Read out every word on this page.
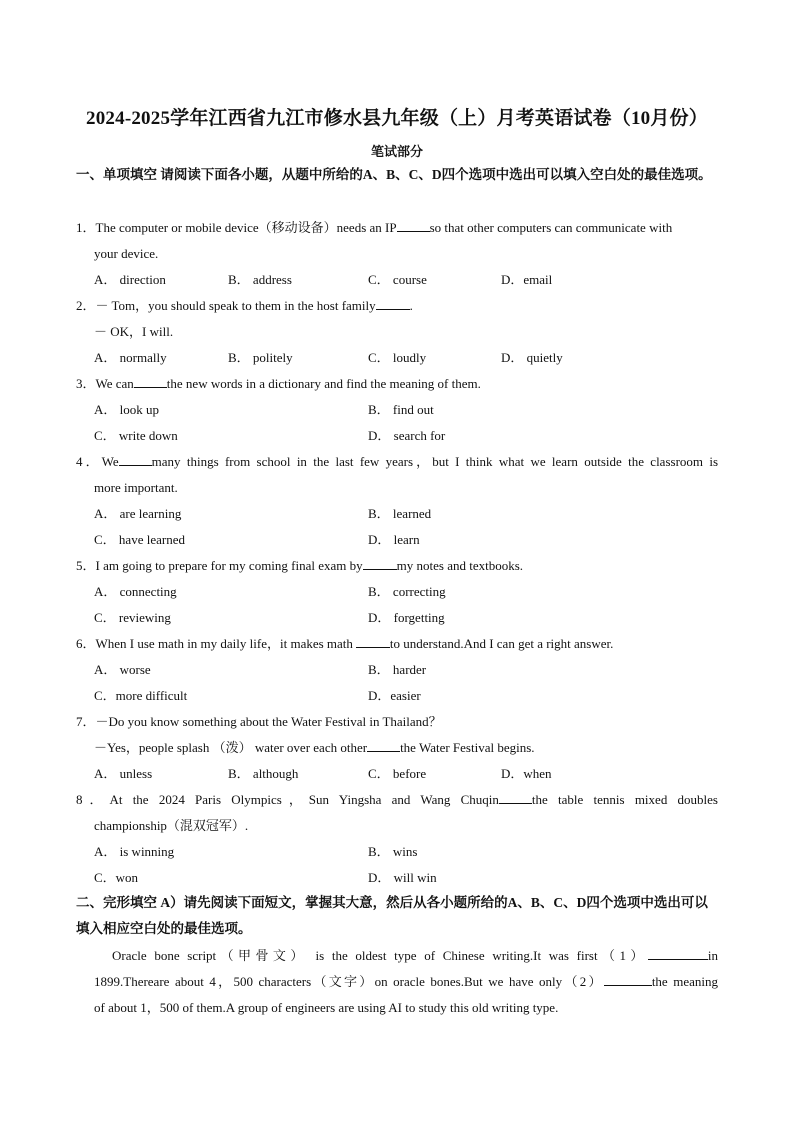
2024-2025学年江西省九江市修水县九年级（上）月考英语试卷（10月份）
笔试部分
一、单项填空 请阅读下面各小题，从题中所给的A、B、C、D四个选项中选出可以填入空白处的最佳选项。
1．The computer or mobile device（移动设备）needs an IP	so that other computers can communicate with
your device.
A． direction	B． address	C． course	D．email
2．－ Tom，you should speak to them in the host family	.
－ OK，I will.
A． normally	B． politely	C． loudly	D． quietly
3．We can	the new words in a dictionary and find the meaning of them.
A． look up	B． find out
C． write down	D． search for
4．We	many things from school in the last few years，but I think what we learn outside the classroom is
more important.
A． are learning	B． learned
C． have learned	D． learn
5．I am going to prepare for my coming final exam by	my notes and textbooks.
A． connecting	B． correcting
C． reviewing	D． forgetting
6．When I use math in my daily life，it makes math	to understand.And I can get a right answer.
A． worse	B． harder
C．more difficult	D．easier
7．－Do you know something about the Water Festival in Thailand？
－Yes，people splash （泼） water over each other	the Water Festival begins.
A． unless	B． although	C． before	D．when
8．At the 2024 Paris Olympics，Sun Yingsha and Wang Chuqin	the table tennis mixed doubles
championship（混双冠军）.
A． is winning	B． wins
C．won	D． will win
二、完形填空 A）请先阅读下面短文，掌握其大意，然后从各小题所给的A、B、C、D四个选项中选出可以填入相应空白处的最佳选项。
Oracle bone script（甲骨文） is the oldest type of Chinese writing.It was first（1）	in
1899.Thereare about 4，500 characters（文字）on oracle bones.But we have only（2）	the meaning
of about 1，500 of them.A group of engineers are using AI to study this old writing type.
